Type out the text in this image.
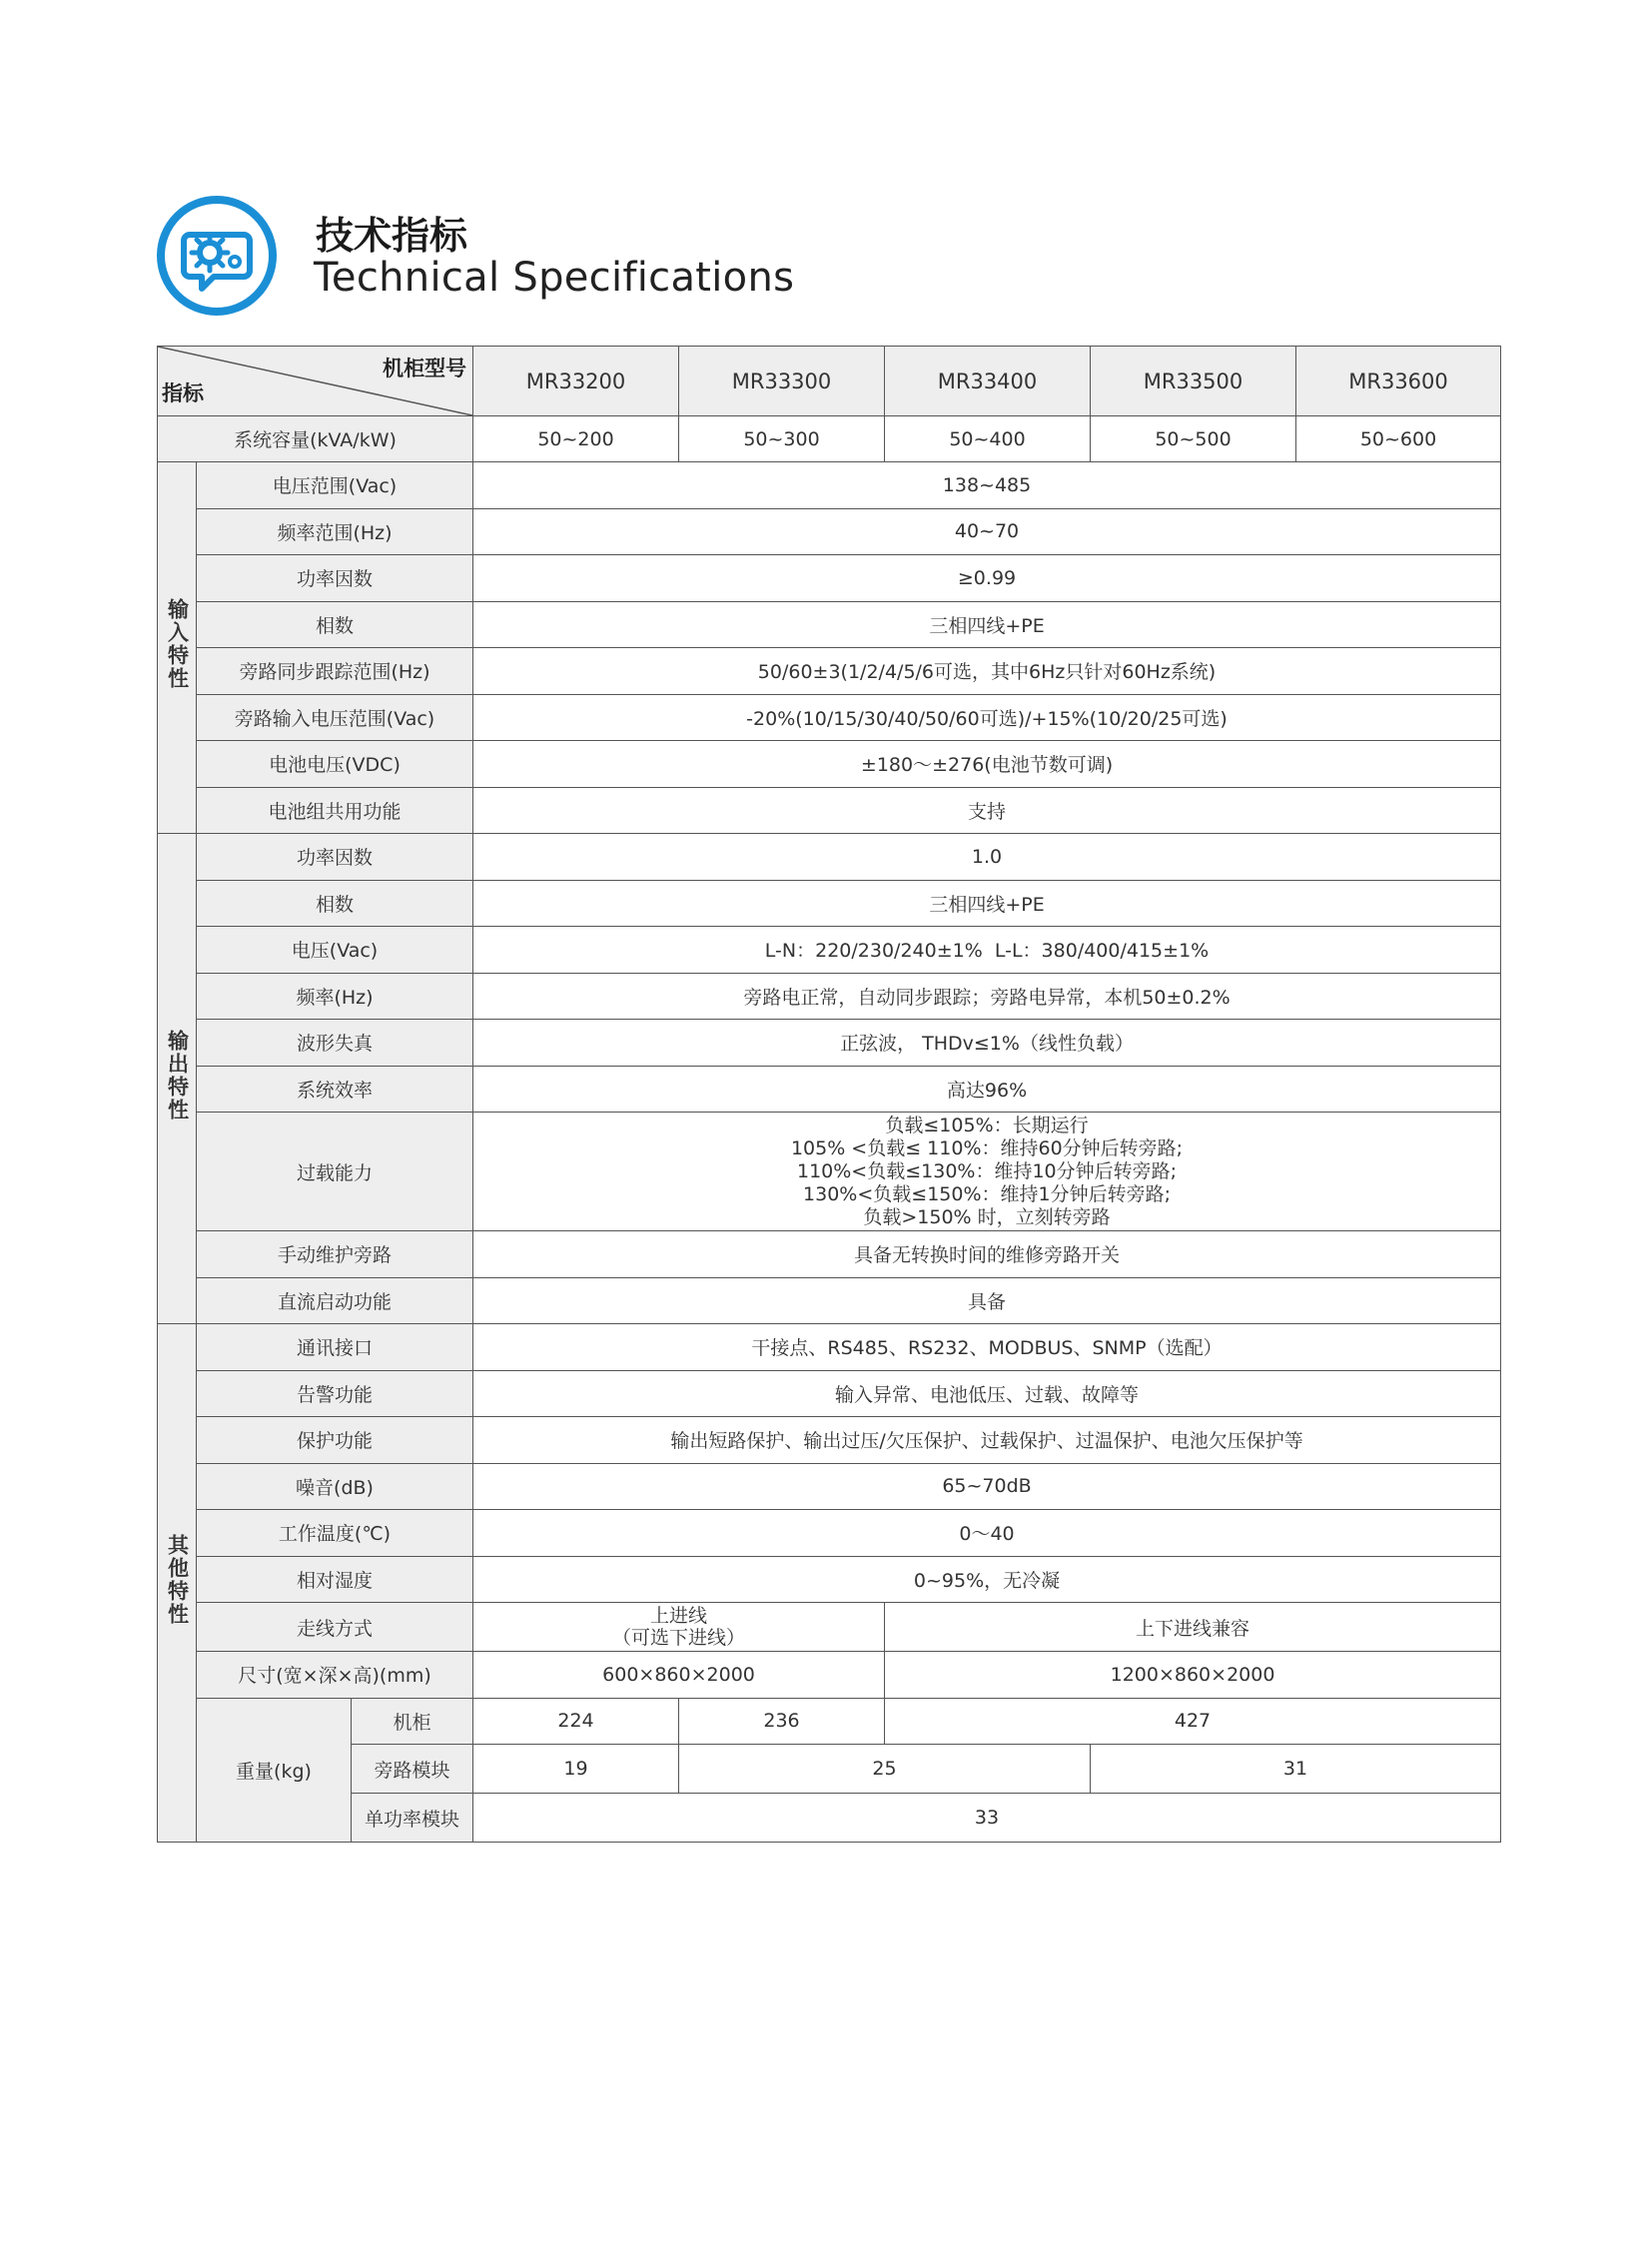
技术指标
Technical Specifications
机柜型号
指标			MR33200	MR33300	MR33400	MR33500	MR33600
系统容量(kVA/kW)			50~200	50~300	50~400	50~500	50~600
输入特性	电压范围(Vac)		138~485				
	频率范围(Hz)		40~70				
	功率因数		≥0.99				
	相数		三相四线+PE				
	旁路同步跟踪范围(Hz)		50/60±3(1/2/4/5/6可选，其中6Hz只针对60Hz系统)				
	旁路输入电压范围(Vac)		-20%(10/15/30/40/50/60可选)/+15%(10/20/25可选)				
	电池电压(VDC)		±180～±276(电池节数可调)				
	电池组共用功能		支持				
输出特性	功率因数		1.0				
	相数		三相四线+PE				
	电压(Vac)		L-N：220/230/240±1%  L-L：380/400/415±1%				
	频率(Hz)		旁路电正常，自动同步跟踪；旁路电异常，本机50±0.2%				
	波形失真		正弦波， THDv≤1%（线性负载）				
	系统效率		高达96%				
	过载能力		负载≤105%：长期运行
105% <负载≤ 110%：维持60分钟后转旁路;
110%<负载≤130%：维持10分钟后转旁路;
130%<负载≤150%：维持1分钟后转旁路;
负载>150% 时，立刻转旁路				
	手动维护旁路		具备无转换时间的维修旁路开关				
	直流启动功能		具备				
其他特性	通讯接口		干接点、RS485、RS232、MODBUS、SNMP（选配）				
	告警功能		输入异常、电池低压、过载、故障等				
	保护功能		输出短路保护、输出过压/欠压保护、过载保护、过温保护、电池欠压保护等				
	噪音(dB)		65~70dB				
	工作温度(℃)		0～40				
	相对湿度		0~95%，无冷凝				
	走线方式		上进线
（可选下进线）		上下进线兼容		
	尺寸(宽×深×高)(mm)		600×860×2000		1200×860×2000		
	重量(kg)	机柜	224	236	427		
		旁路模块	19	25		31	
		单功率模块	33				
